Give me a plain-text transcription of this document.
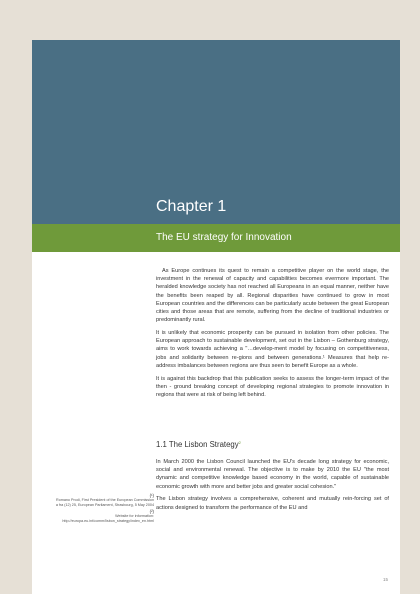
Chapter 1
The EU strategy for Innovation

As Europe continues its quest to remain a competitive player on the world stage, the investment in the renewal of capacity and capabilities becomes evermore important. The heralded knowledge society has not reached all Europeans in an equal manner, neither have the benefits been reaped by all. Regional disparities have continued to grow in most European countries and the differences can be particularly acute between the great European cities and those areas that are remote, suffering from the decline of traditional industries or predominantly rural.

It is unlikely that economic prosperity can be pursued in isolation from other policies. The European approach to sustainable development, set out in the Lisbon – Gothenburg strategy, aims to work towards achieving a "…develop-ment model by focusing on competitiveness, jobs and solidarity between re-gions and between generations.¹ Measures that help re-address imbalances between regions are thus seen to benefit Europe as a whole.

It is against this backdrop that this publication seeks to assess the longer-term impact of the then - ground breaking concept of developing regional strategies to promote innovation in regions that were at risk of being left behind.

1.1 The Lisbon Strategy$^2$

In March 2000 the Lisbon Council launched the EU's decade long strategy for economic, social and environmental renewal. The objective is to make by 2010 the EU "the most dynamic and competitive knowledge based economy in the world, capable of sustainable economic growth with more and better jobs and greater social cohesion."

The Lisbon strategy involves a comprehensive, coherent and mutually rein-forcing set of actions designed to transform the performance of the EU and

(¹)
Romano Prodi, First President of the European Commission a fra (12) 25, European Parliament, Strasbourg, 5 May 2004
(²)
Website for information: http://europa.eu.int/comm/lisbon_strategy/index_en.html
15
